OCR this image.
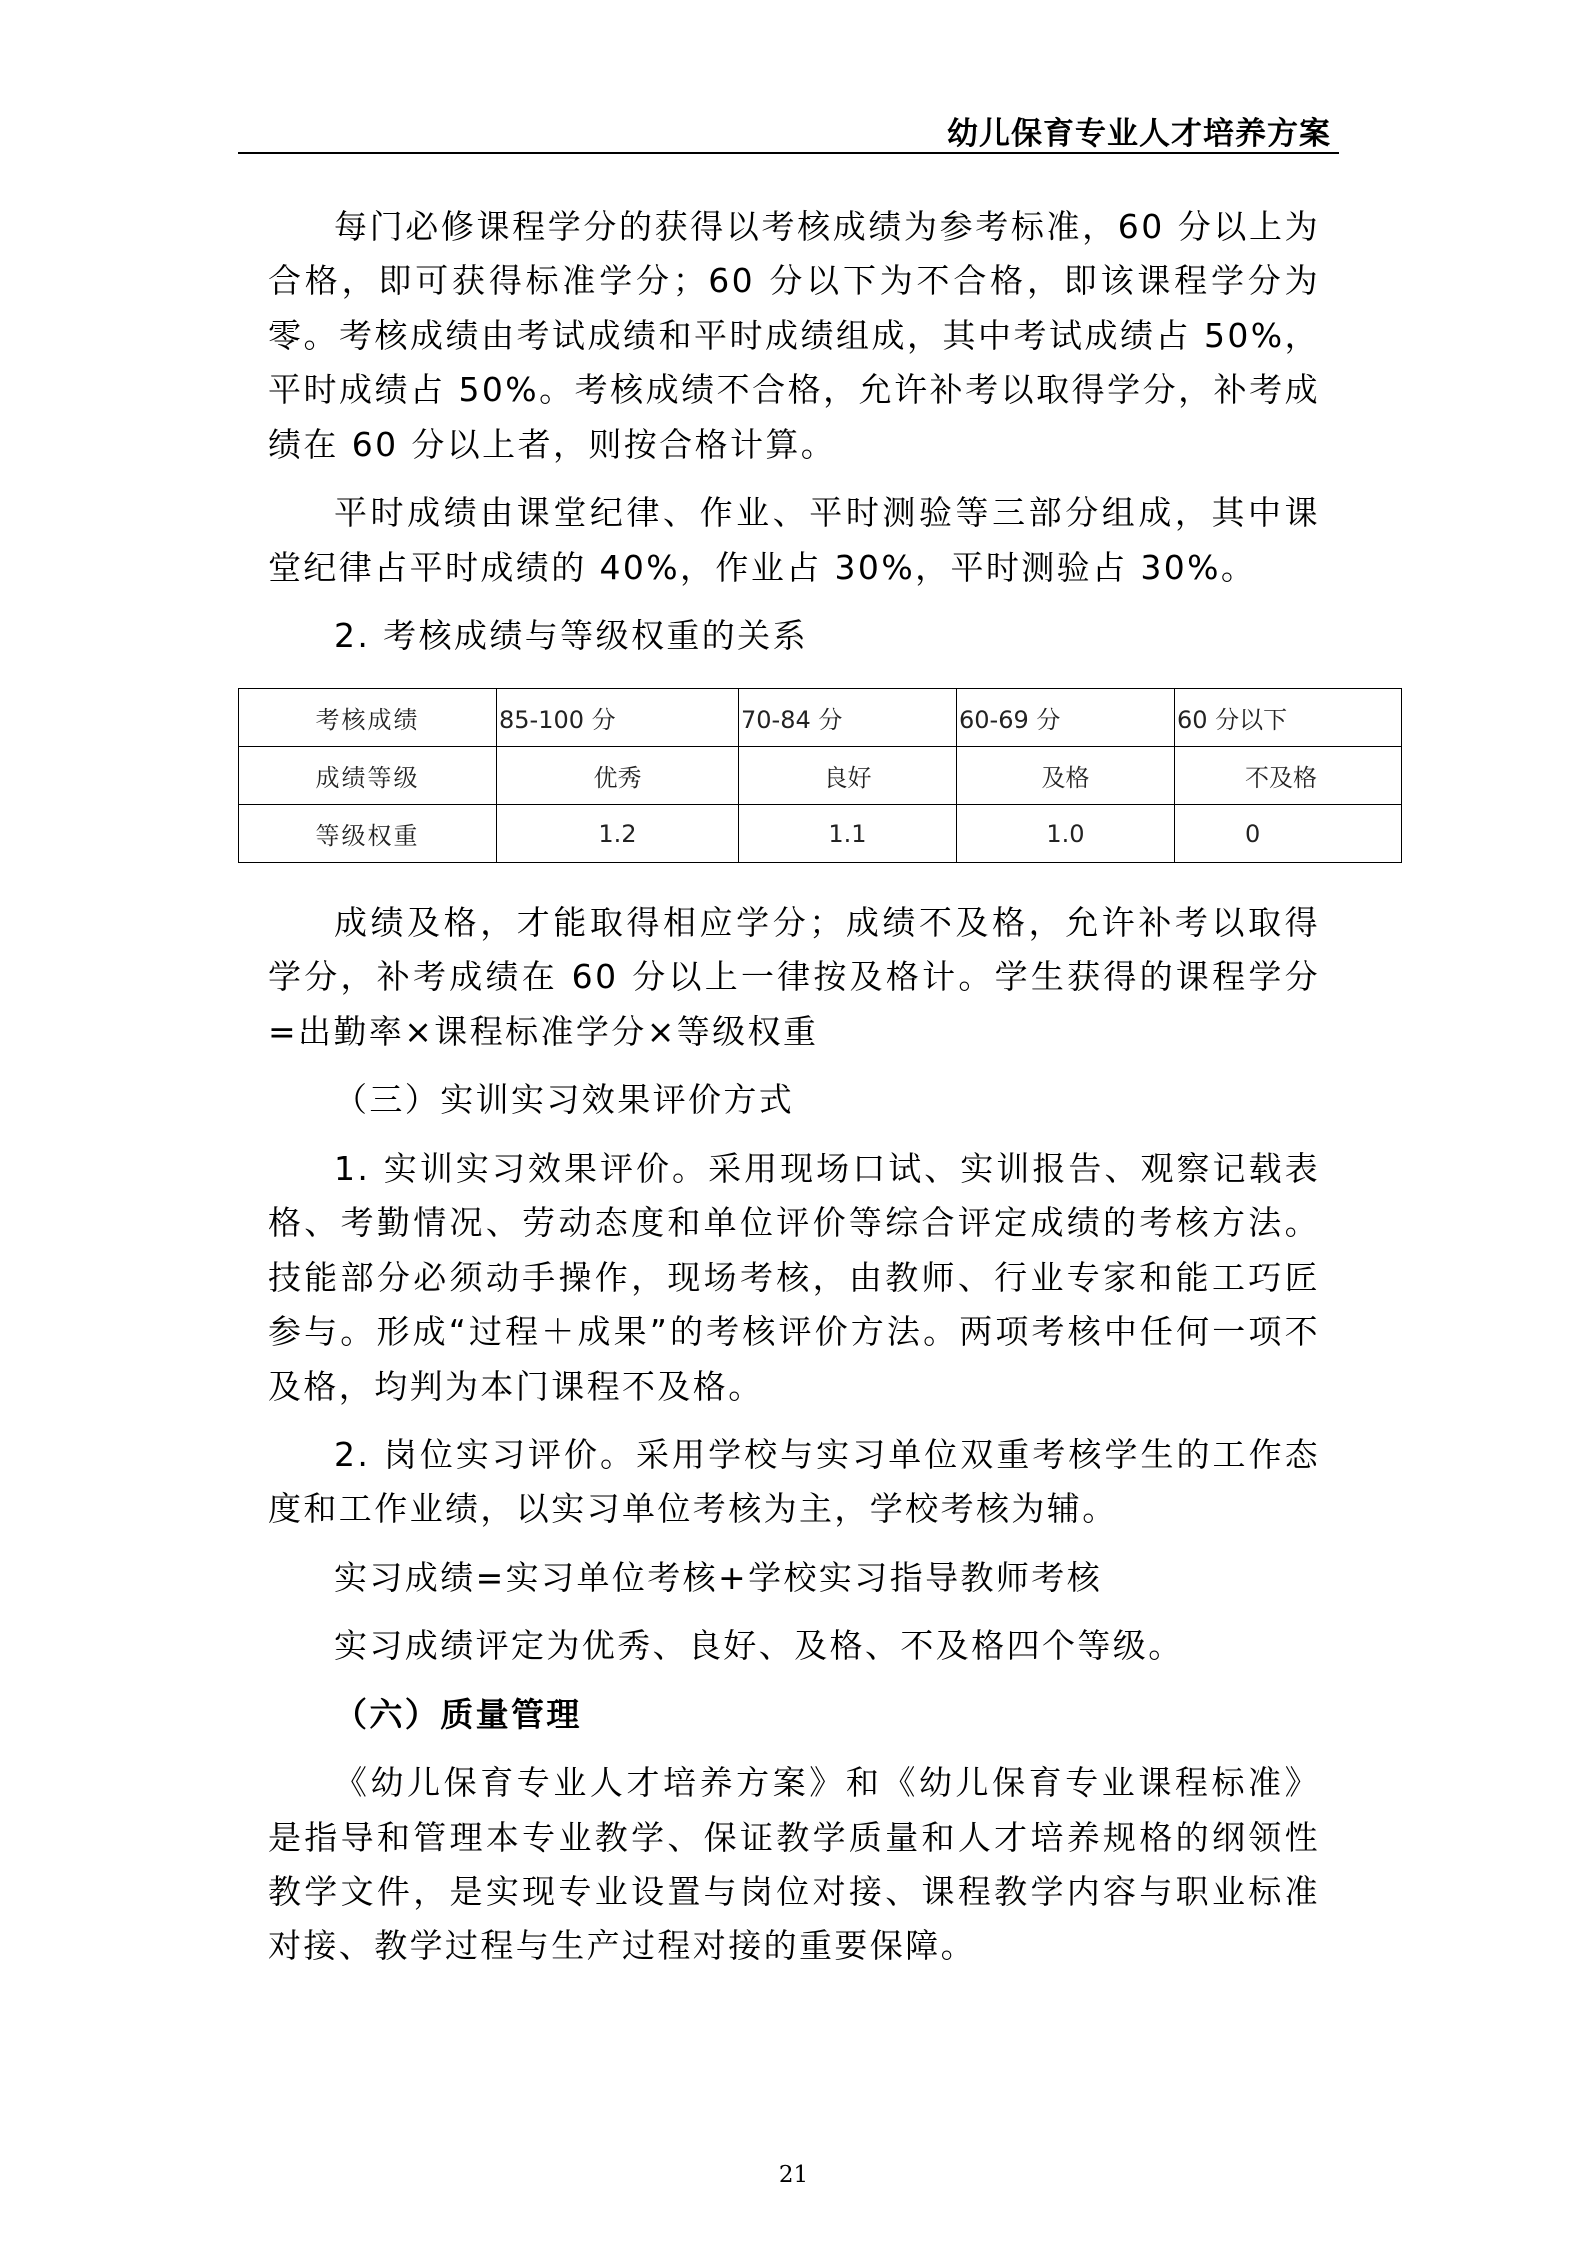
幼儿保育专业人才培养方案

每门必修课程学分的获得以考核成绩为参考标准，60 分以上为合格，即可获得标准学分；60 分以下为不合格，即该课程学分为零。考核成绩由考试成绩和平时成绩组成，其中考试成绩占 50%，平时成绩占 50%。考核成绩不合格，允许补考以取得学分，补考成绩在 60 分以上者，则按合格计算。

平时成绩由课堂纪律、作业、平时测验等三部分组成，其中课堂纪律占平时成绩的 40%，作业占 30%，平时测验占 30%。

2. 考核成绩与等级权重的关系

考核成绩	85-100 分	70-84 分	60-69 分	60 分以下
成绩等级	优秀	良好	及格	不及格
等级权重	1.2	1.1	1.0	0

成绩及格，才能取得相应学分；成绩不及格，允许补考以取得学分，补考成绩在 60 分以上一律按及格计。学生获得的课程学分=出勤率×课程标准学分×等级权重

（三）实训实习效果评价方式

1. 实训实习效果评价。采用现场口试、实训报告、观察记载表格、考勤情况、劳动态度和单位评价等综合评定成绩的考核方法。技能部分必须动手操作，现场考核，由教师、行业专家和能工巧匠参与。形成“过程＋成果”的考核评价方法。两项考核中任何一项不及格，均判为本门课程不及格。

2. 岗位实习评价。采用学校与实习单位双重考核学生的工作态度和工作业绩，以实习单位考核为主，学校考核为辅。

实习成绩=实习单位考核+学校实习指导教师考核

实习成绩评定为优秀、良好、及格、不及格四个等级。

（六）质量管理

《幼儿保育专业人才培养方案》和《幼儿保育专业课程标准》是指导和管理本专业教学、保证教学质量和人才培养规格的纲领性教学文件，是实现专业设置与岗位对接、课程教学内容与职业标准对接、教学过程与生产过程对接的重要保障。

21
